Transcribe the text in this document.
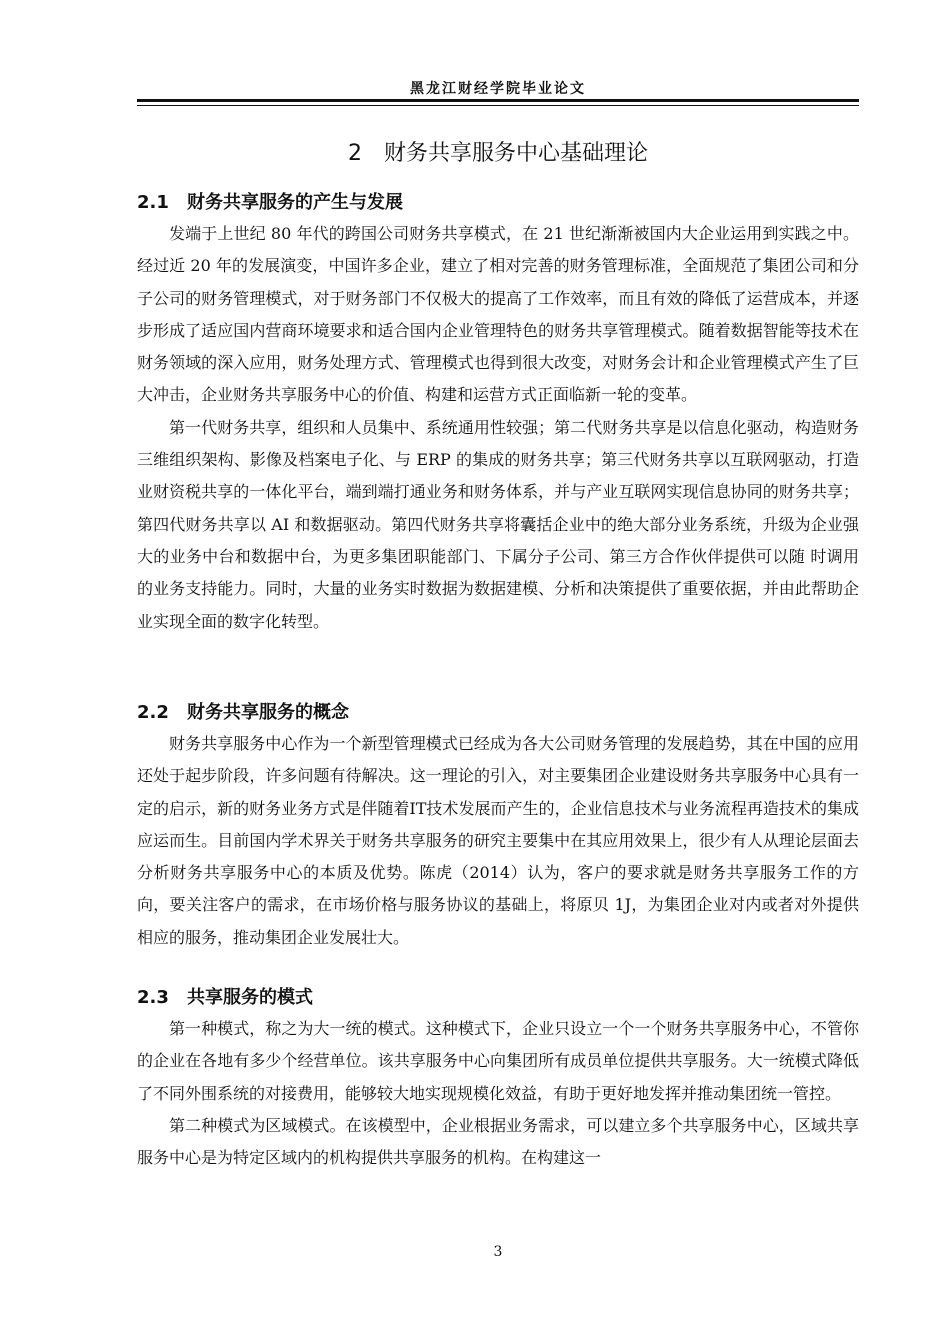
黑龙江财经学院毕业论文
2 财务共享服务中心基础理论
2.1 财务共享服务的产生与发展

发端于上世纪 80 年代的跨国公司财务共享模式，在 21 世纪渐渐被国内大企业运用到实践之中。经过近 20 年的发展演变，中国许多企业，建立了相对完善的财务管理标准，全面规范了集团公司和分子公司的财务管理模式，对于财务部门不仅极大的提高了工作效率，而且有效的降低了运营成本，并逐步形成了适应国内营商环境要求和适合国内企业管理特色的财务共享管理模式。随着数据智能等技术在财务领域的深入应用，财务处理方式、管理模式也得到很大改变，对财务会计和企业管理模式产生了巨大冲击，企业财务共享服务中心的价值、构建和运营方式正面临新一轮的变革。

第一代财务共享，组织和人员集中、系统通用性较强；第二代财务共享是以信息化驱动，构造财务三维组织架构、影像及档案电子化、与 ERP 的集成的财务共享；第三代财务共享以互联网驱动，打造业财资税共享的一体化平台，端到端打通业务和财务体系，并与产业互联网实现信息协同的财务共享；第四代财务共享以 AI 和数据驱动。第四代财务共享将囊括企业中的绝大部分业务系统，升级为企业强大的业务中台和数据中台，为更多集团职能部门、下属分子公司、第三方合作伙伴提供可以随 时调用的业务支持能力。同时，大量的业务实时数据为数据建模、分析和决策提供了重要依据，并由此帮助企业实现全面的数字化转型。

2.2 财务共享服务的概念

财务共享服务中心作为一个新型管理模式已经成为各大公司财务管理的发展趋势，其在中国的应用还处于起步阶段，许多问题有待解决。这一理论的引入，对主要集团企业建设财务共享服务中心具有一定的启示，新的财务业务方式是伴随着IT技术发展而产生的，企业信息技术与业务流程再造技术的集成应运而生。目前国内学术界关于财务共享服务的研究主要集中在其应用效果上，很少有人从理论层面去分析财务共享服务中心的本质及优势。陈虎（2014）认为，客户的要求就是财务共享服务工作的方向，要关注客户的需求，在市场价格与服务协议的基础上，将原贝 1J，为集团企业对内或者对外提供相应的服务，推动集团企业发展壮大。

2.3 共享服务的模式

第一种模式，称之为大一统的模式。这种模式下，企业只设立一个一个财务共享服务中心，不管你的企业在各地有多少个经营单位。该共享服务中心向集团所有成员单位提供共享服务。大一统模式降低了不同外围系统的对接费用，能够较大地实现规模化效益，有助于更好地发挥并推动集团统一管控。

第二种模式为区域模式。在该模型中，企业根据业务需求，可以建立多个共享服务中心，区域共享服务中心是为特定区域内的机构提供共享服务的机构。在构建这一

3
